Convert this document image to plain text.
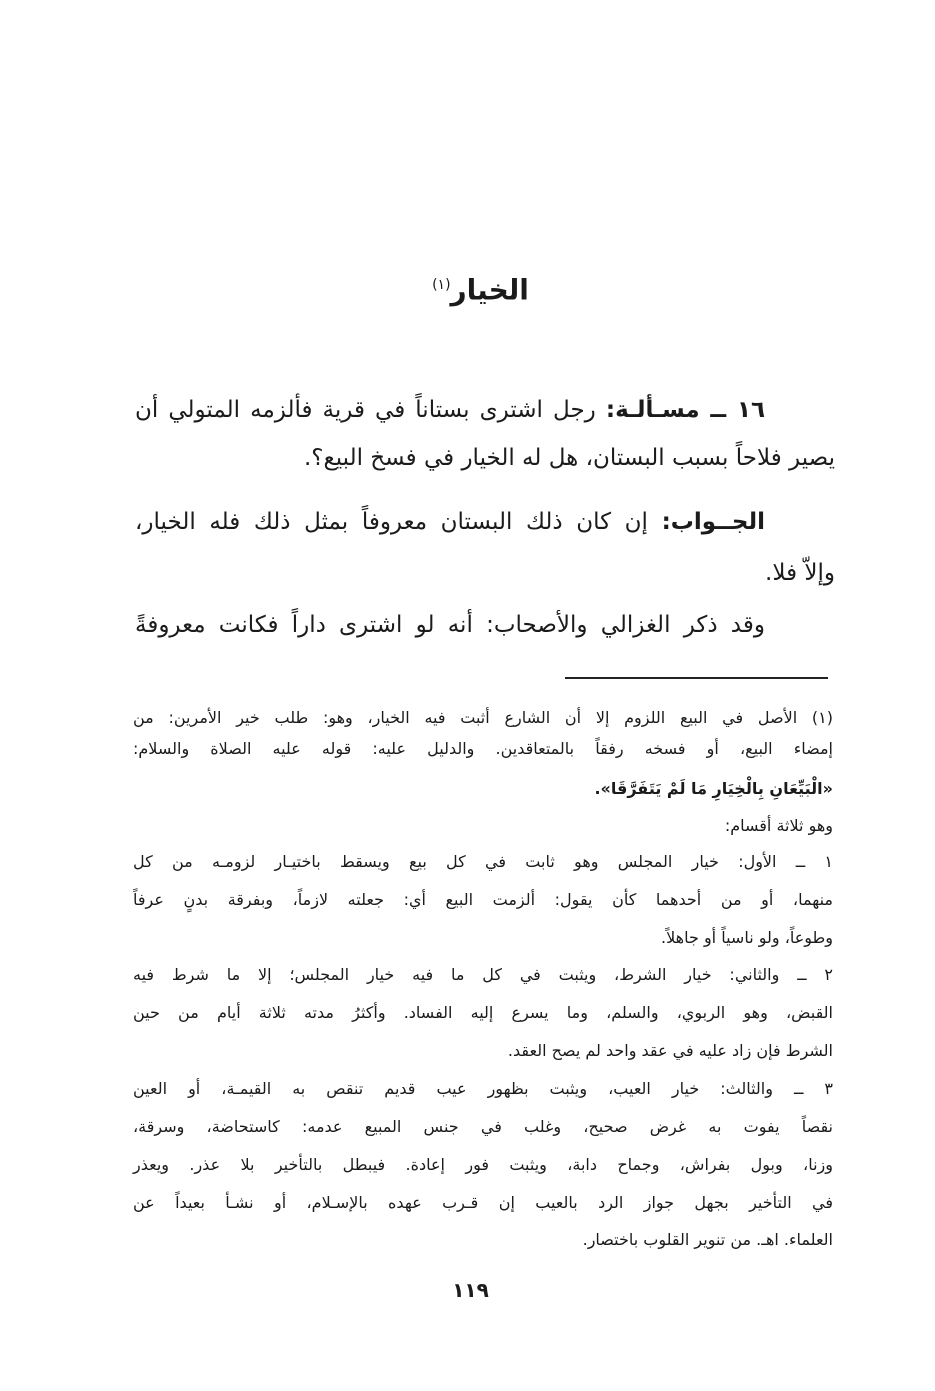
الخيار$^{(١)}$
١٦ ــ مسـألـة: رجل اشترى بستاناً في قرية فألزمه المتولي أن
يصير فلاحاً بسبب البستان، هل له الخيار في فسخ البيع؟.
الجــواب: إن كان ذلك البستان معروفاً بمثل ذلك فله الخيار،
وإلاّ فلا.
وقد ذكر الغزالي والأصحاب: أنه لو اشترى داراً فكانت معروفةً
(١) الأصل في البيع اللزوم إلا أن الشارع أثبت فيه الخيار، وهو: طلب خير الأمرين: من
إمضاء البيع، أو فسخه رفقاً بالمتعاقدين. والدليل عليه: قوله عليه الصلاة والسلام:
«الْبَيِّعَانِ بِالْخِيَارِ مَا لَمْ يَتَفَرَّقَا».
وهو ثلاثة أقسام:
١ ــ الأول: خيار المجلس وهو ثابت في كل بيع ويسقط باختيـار لزومـه من كل
منهما، أو من أحدهما كأن يقول: ألزمت البيع أي: جعلته لازماً، وبفرقة بدنٍ عرفاً
وطوعاً، ولو ناسياً أو جاهلاً.
٢ ــ والثاني: خيار الشرط، ويثبت في كل ما فيه خيار المجلس؛ إلا ما شرط فيه
القبض، وهو الربوي، والسلم، وما يسرع إليه الفساد. وأكثرُ مدته ثلاثة أيام من حين
الشرط فإن زاد عليه في عقد واحد لم يصح العقد.
٣ ــ والثالث: خيار العيب، ويثبت بظهور عيب قديم تنقص به القيمـة، أو العين
نقصاً يفوت به غرض صحيح، وغلب في جنس المبيع عدمه: كاستحاضة، وسرقة،
وزنا، وبول بفراش، وجماح دابة، ويثبت فور إعادة. فيبطل بالتأخير بلا عذر. ويعذر
في التأخير بجهل جواز الرد بالعيب إن قـرب عهده بالإسـلام، أو نشـأ بعيداً عن
العلماء. اهـ. من تنوير القلوب باختصار.
١١٩
